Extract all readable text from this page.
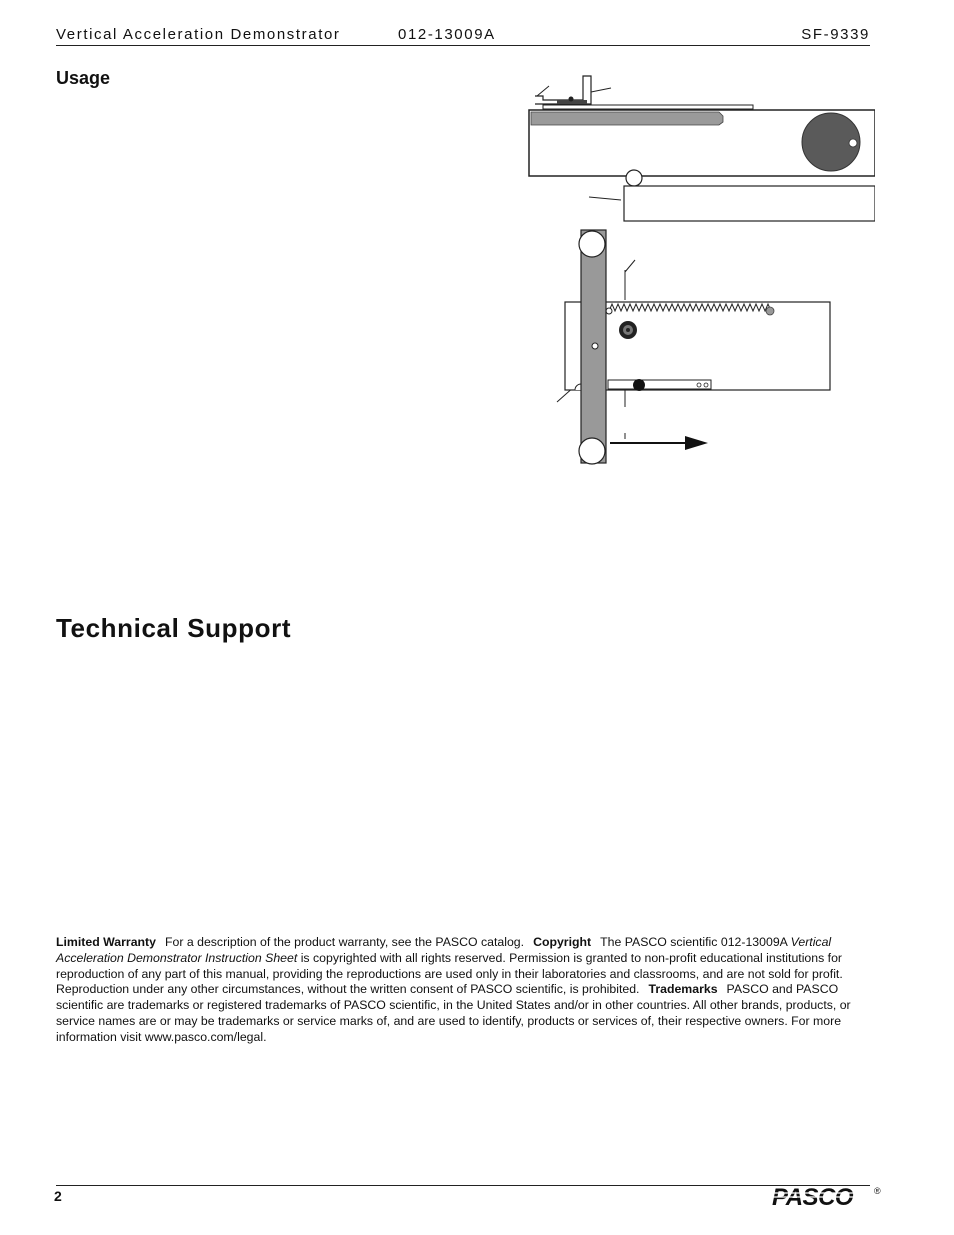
Vertical Acceleration Demonstrator	012-13009A	SF-9339
Usage
Technical Support

Limited Warranty For a description of the product warranty, see the PASCO catalog. Copyright The PASCO scientific 012-13009A Vertical Acceleration Demonstrator Instruction Sheet is copyrighted with all rights reserved. Permission is granted to non-profit educational institutions for reproduction of any part of this manual, providing the reproductions are used only in their laboratories and classrooms, and are not sold for profit. Reproduction under any other circumstances, without the written consent of PASCO scientific, is prohibited. Trademarks PASCO and PASCO scientific are trademarks or registered trademarks of PASCO scientific, in the United States and/or in other countries. All other brands, products, or service names are or may be trademarks or service marks of, and are used to identify, products or services of, their respective owners. For more information visit www.pasco.com/legal.

2	PASCO ®
